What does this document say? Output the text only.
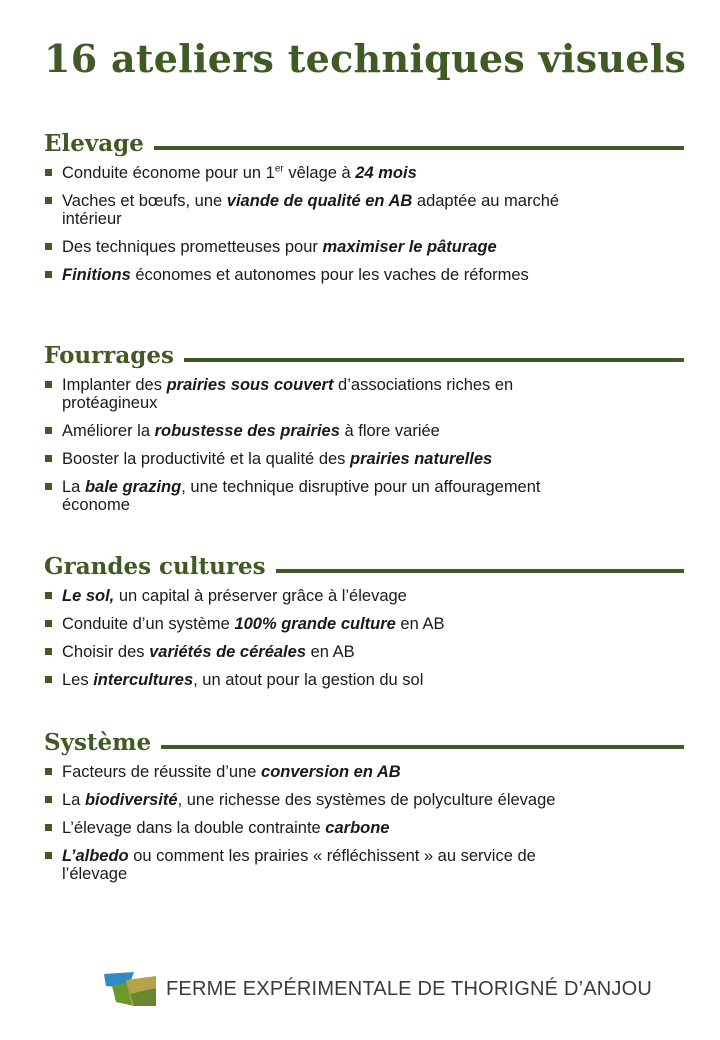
16 ateliers techniques visuels
Elevage
Conduite économe pour un 1er vêlage à 24 mois
Vaches et bœufs, une viande de qualité en AB adaptée au marché intérieur
Des techniques prometteuses pour maximiser le pâturage
Finitions économes et autonomes pour les vaches de réformes
Fourrages
Implanter des prairies sous couvert d’associations riches en protéagineux
Améliorer la robustesse des prairies à flore variée
Booster la productivité et la qualité des prairies naturelles
La bale grazing, une technique disruptive pour un affouragement économe
Grandes cultures
Le sol, un capital à préserver grâce à l’élevage
Conduite d’un système 100% grande culture en AB
Choisir des variétés de céréales en AB
Les intercultures, un atout pour la gestion du sol
Système
Facteurs de réussite d’une conversion en AB
La biodiversité, une richesse des systèmes de polyculture élevage
L’élevage dans la double contrainte carbone
L’albedo ou comment les prairies « réfléchissent » au service de l’élevage
FERME EXPÉRIMENTALE DE THORIGNÉ D’ANJOU
